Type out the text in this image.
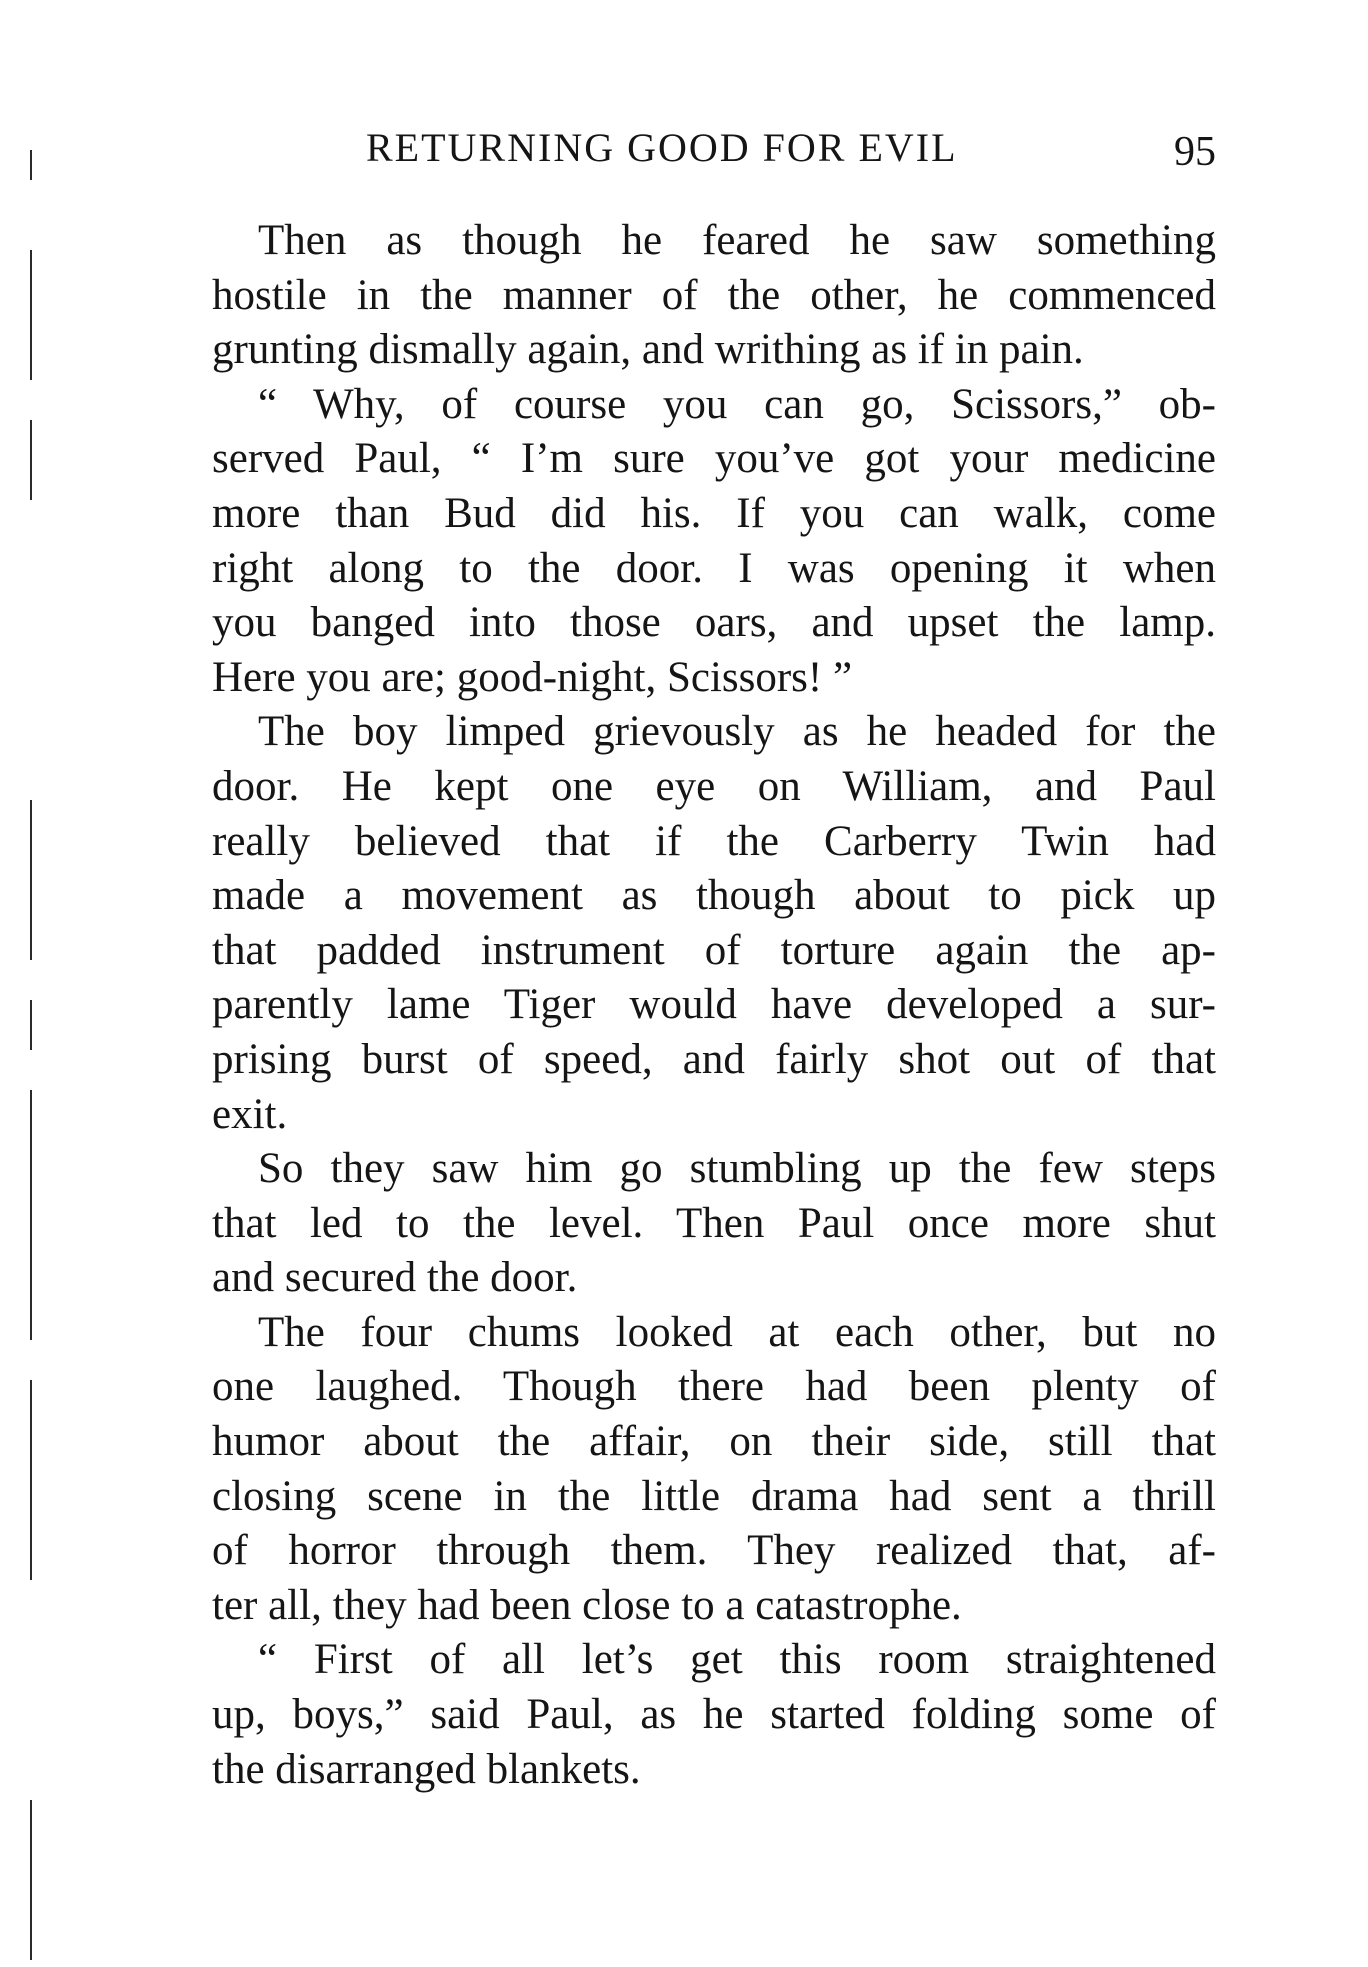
RETURNING GOOD FOR EVIL	95
Then as though he feared he saw something
hostile in the manner of the other, he commenced
grunting dismally again, and writhing as if in pain.
“ Why, of course you can go, Scissors,” ob-
served Paul, “ I’m sure you’ve got your medicine
more than Bud did his. If you can walk, come
right along to the door. I was opening it when
you banged into those oars, and upset the lamp.
Here you are; good-night, Scissors! ”
The boy limped grievously as he headed for the
door. He kept one eye on William, and Paul
really believed that if the Carberry Twin had
made a movement as though about to pick up
that padded instrument of torture again the ap-
parently lame Tiger would have developed a sur-
prising burst of speed, and fairly shot out of that
exit.
So they saw him go stumbling up the few steps
that led to the level. Then Paul once more shut
and secured the door.
The four chums looked at each other, but no
one laughed. Though there had been plenty of
humor about the affair, on their side, still that
closing scene in the little drama had sent a thrill
of horror through them. They realized that, af-
ter all, they had been close to a catastrophe.
“ First of all let’s get this room straightened
up, boys,” said Paul, as he started folding some of
the disarranged blankets.
